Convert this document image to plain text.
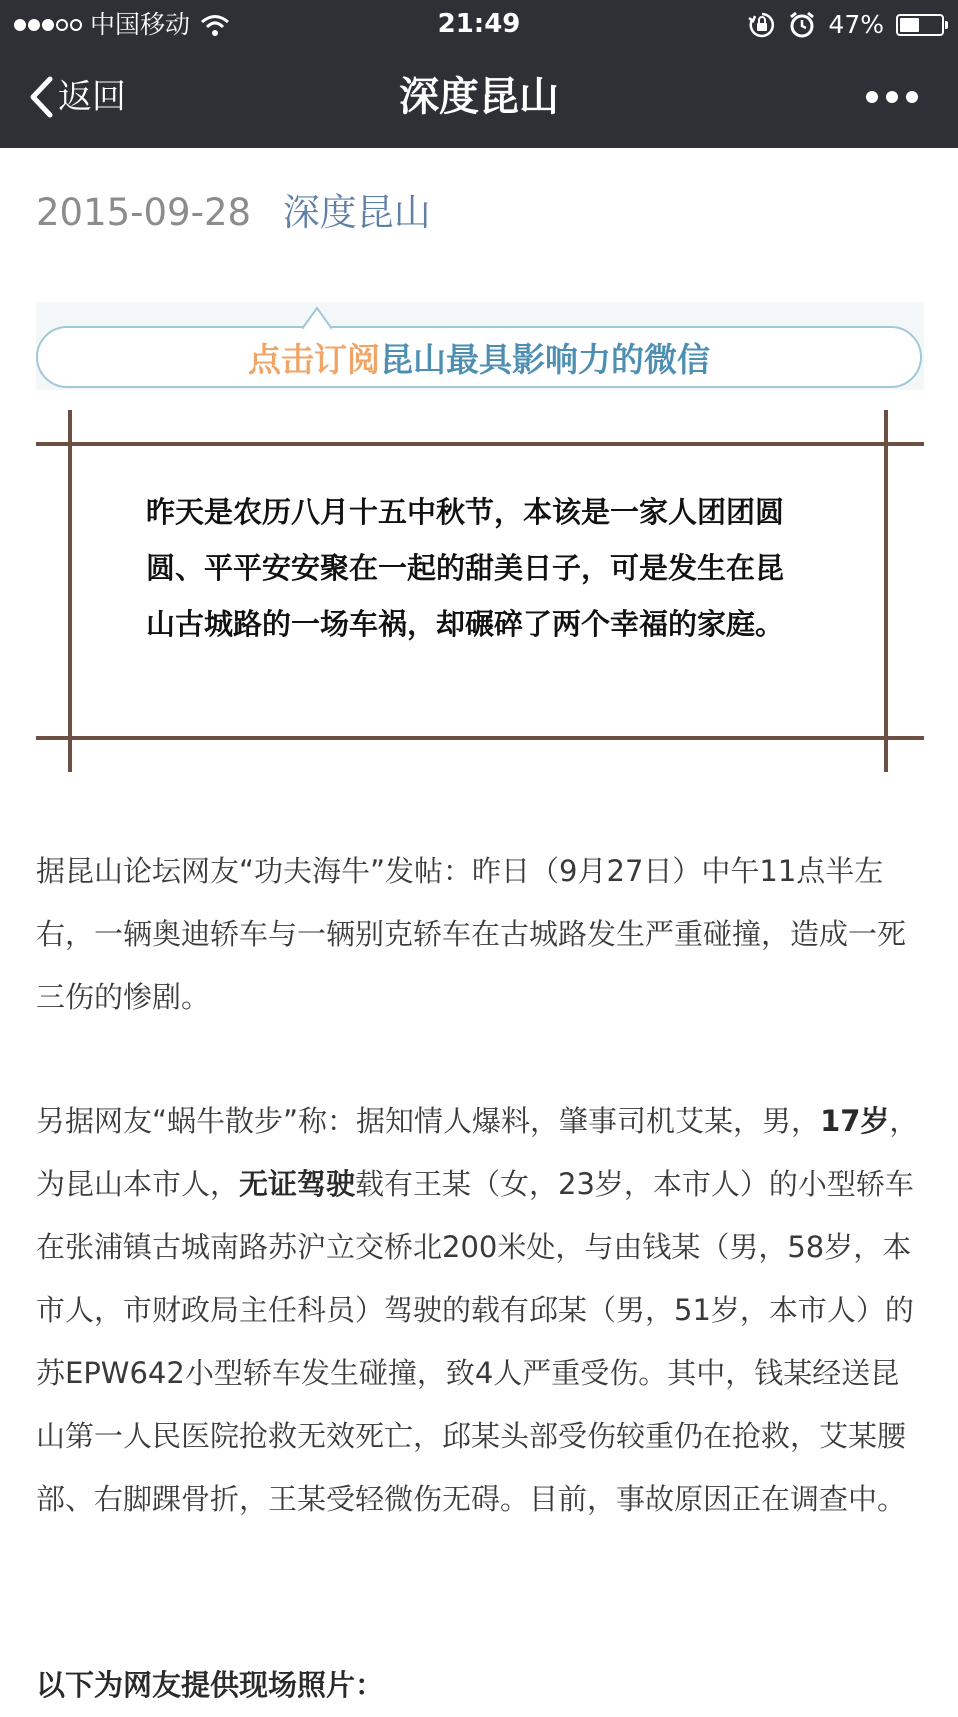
2015-09-28 深度昆山
点击订阅 昆山最具影响力的微信
昨天是农历八月十五中秋节，本该是一家人团团圆圆、平平安安聚在一起的甜美日子，可是发生在昆山古城路的一场车祸，却碾碎了两个幸福的家庭。
据昆山论坛网友“功夫海牛”发帖：昨日（9月27日）中午11点半左右，一辆奥迪轿车与一辆别克轿车在古城路发生严重碰撞，造成一死三伤的惨剧。
另据网友“蜗牛散步”称：据知情人爆料，肇事司机艾某，男，17岁，为昆山本市人，无证驾驶载有王某（女，23岁，本市人）的小型轿车在张浦镇古城南路苏沪立交桥北200米处，与由钱某（男，58岁，本市人，市财政局主任科员）驾驶的载有邱某（男，51岁，本市人）的苏EPW642小型轿车发生碰撞，致4人严重受伤。其中，钱某经送昆山第一人民医院抢救无效死亡，邱某头部受伤较重仍在抢救，艾某腰部、右脚踝骨折，王某受轻微伤无碍。目前，事故原因正在调查中。
以下为网友提供现场照片：
中国移动	21:49	47%
返回	深度昆山
